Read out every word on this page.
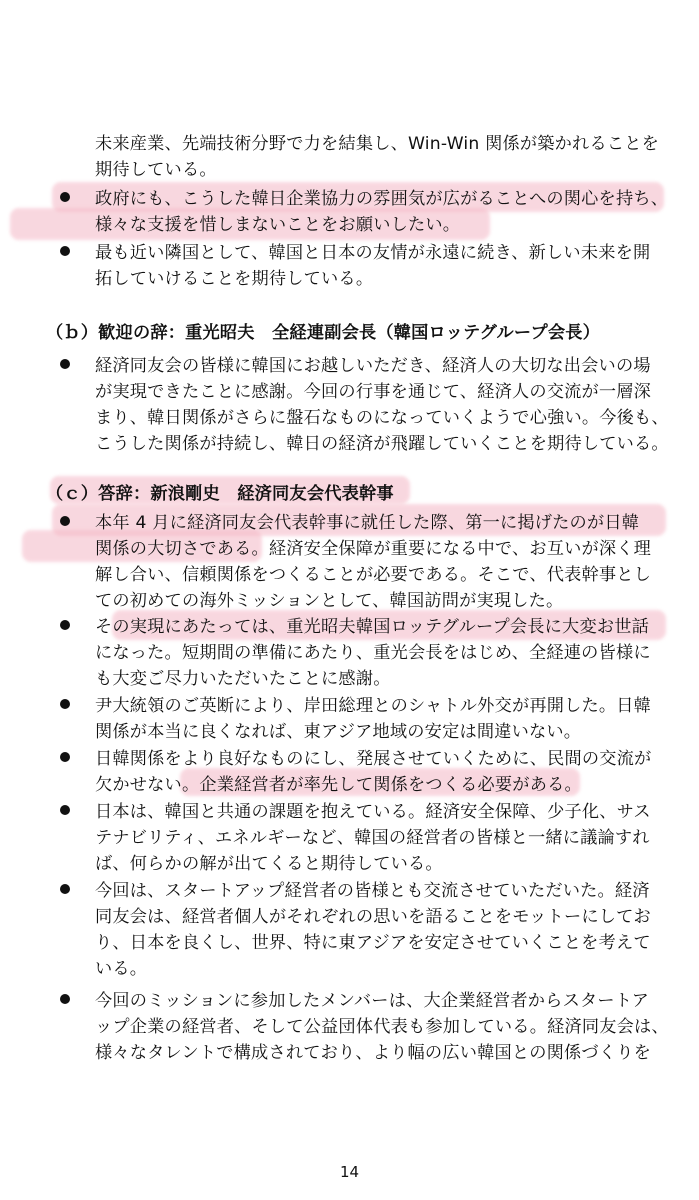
未来産業、先端技術分野で力を結集し、Win-Win 関係が築かれることを
期待している。
政府にも、こうした韓日企業協力の雰囲気が広がることへの関心を持ち、
様々な支援を惜しまないことをお願いしたい。
最も近い隣国として、韓国と日本の友情が永遠に続き、新しい未来を開
拓していけることを期待している。
（ｂ）歓迎の辞：重光昭夫　全経連副会長（韓国ロッテグループ会長）
経済同友会の皆様に韓国にお越しいただき、経済人の大切な出会いの場
が実現できたことに感謝。今回の行事を通じて、経済人の交流が一層深
まり、韓日関係がさらに盤石なものになっていくようで心強い。今後も、
こうした関係が持続し、韓日の経済が飛躍していくことを期待している。
（ｃ）答辞：新浪剛史　経済同友会代表幹事
本年 4 月に経済同友会代表幹事に就任した際、第一に掲げたのが日韓
関係の大切さである。経済安全保障が重要になる中で、お互いが深く理
解し合い、信頼関係をつくることが必要である。そこで、代表幹事とし
ての初めての海外ミッションとして、韓国訪問が実現した。
その実現にあたっては、重光昭夫韓国ロッテグループ会長に大変お世話
になった。短期間の準備にあたり、重光会長をはじめ、全経連の皆様に
も大変ご尽力いただいたことに感謝。
尹大統領のご英断により、岸田総理とのシャトル外交が再開した。日韓
関係が本当に良くなれば、東アジア地域の安定は間違いない。
日韓関係をより良好なものにし、発展させていくために、民間の交流が
欠かせない。企業経営者が率先して関係をつくる必要がある。
日本は、韓国と共通の課題を抱えている。経済安全保障、少子化、サス
テナビリティ、エネルギーなど、韓国の経営者の皆様と一緒に議論すれ
ば、何らかの解が出てくると期待している。
今回は、スタートアップ経営者の皆様とも交流させていただいた。経済
同友会は、経営者個人がそれぞれの思いを語ることをモットーにしてお
り、日本を良くし、世界、特に東アジアを安定させていくことを考えて
いる。
今回のミッションに参加したメンバーは、大企業経営者からスタートア
ップ企業の経営者、そして公益団体代表も参加している。経済同友会は、
様々なタレントで構成されており、より幅の広い韓国との関係づくりを
14
